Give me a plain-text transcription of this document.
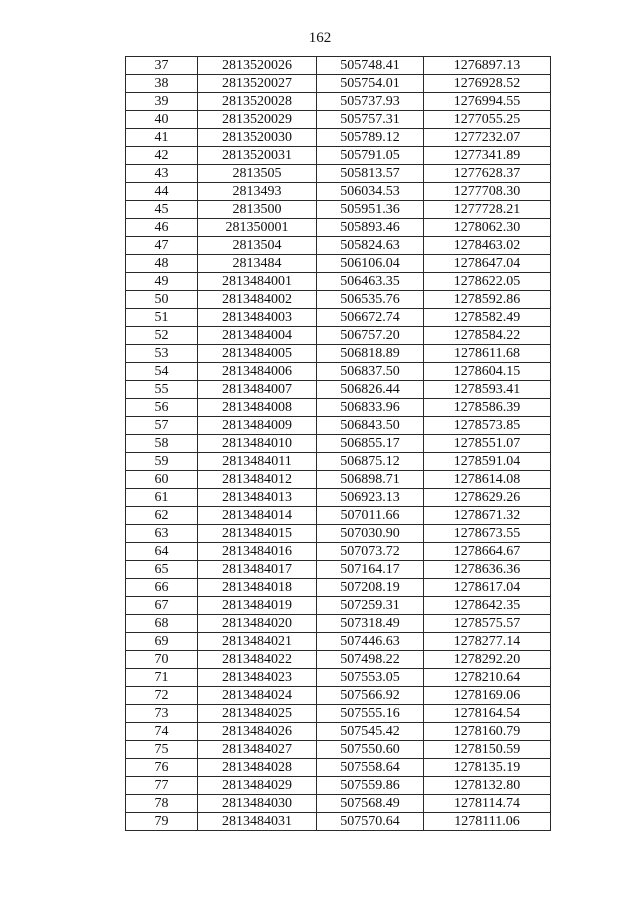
162
37	2813520026	505748.41	1276897.13
38	2813520027	505754.01	1276928.52
39	2813520028	505737.93	1276994.55
40	2813520029	505757.31	1277055.25
41	2813520030	505789.12	1277232.07
42	2813520031	505791.05	1277341.89
43	2813505	505813.57	1277628.37
44	2813493	506034.53	1277708.30
45	2813500	505951.36	1277728.21
46	281350001	505893.46	1278062.30
47	2813504	505824.63	1278463.02
48	2813484	506106.04	1278647.04
49	2813484001	506463.35	1278622.05
50	2813484002	506535.76	1278592.86
51	2813484003	506672.74	1278582.49
52	2813484004	506757.20	1278584.22
53	2813484005	506818.89	1278611.68
54	2813484006	506837.50	1278604.15
55	2813484007	506826.44	1278593.41
56	2813484008	506833.96	1278586.39
57	2813484009	506843.50	1278573.85
58	2813484010	506855.17	1278551.07
59	2813484011	506875.12	1278591.04
60	2813484012	506898.71	1278614.08
61	2813484013	506923.13	1278629.26
62	2813484014	507011.66	1278671.32
63	2813484015	507030.90	1278673.55
64	2813484016	507073.72	1278664.67
65	2813484017	507164.17	1278636.36
66	2813484018	507208.19	1278617.04
67	2813484019	507259.31	1278642.35
68	2813484020	507318.49	1278575.57
69	2813484021	507446.63	1278277.14
70	2813484022	507498.22	1278292.20
71	2813484023	507553.05	1278210.64
72	2813484024	507566.92	1278169.06
73	2813484025	507555.16	1278164.54
74	2813484026	507545.42	1278160.79
75	2813484027	507550.60	1278150.59
76	2813484028	507558.64	1278135.19
77	2813484029	507559.86	1278132.80
78	2813484030	507568.49	1278114.74
79	2813484031	507570.64	1278111.06
